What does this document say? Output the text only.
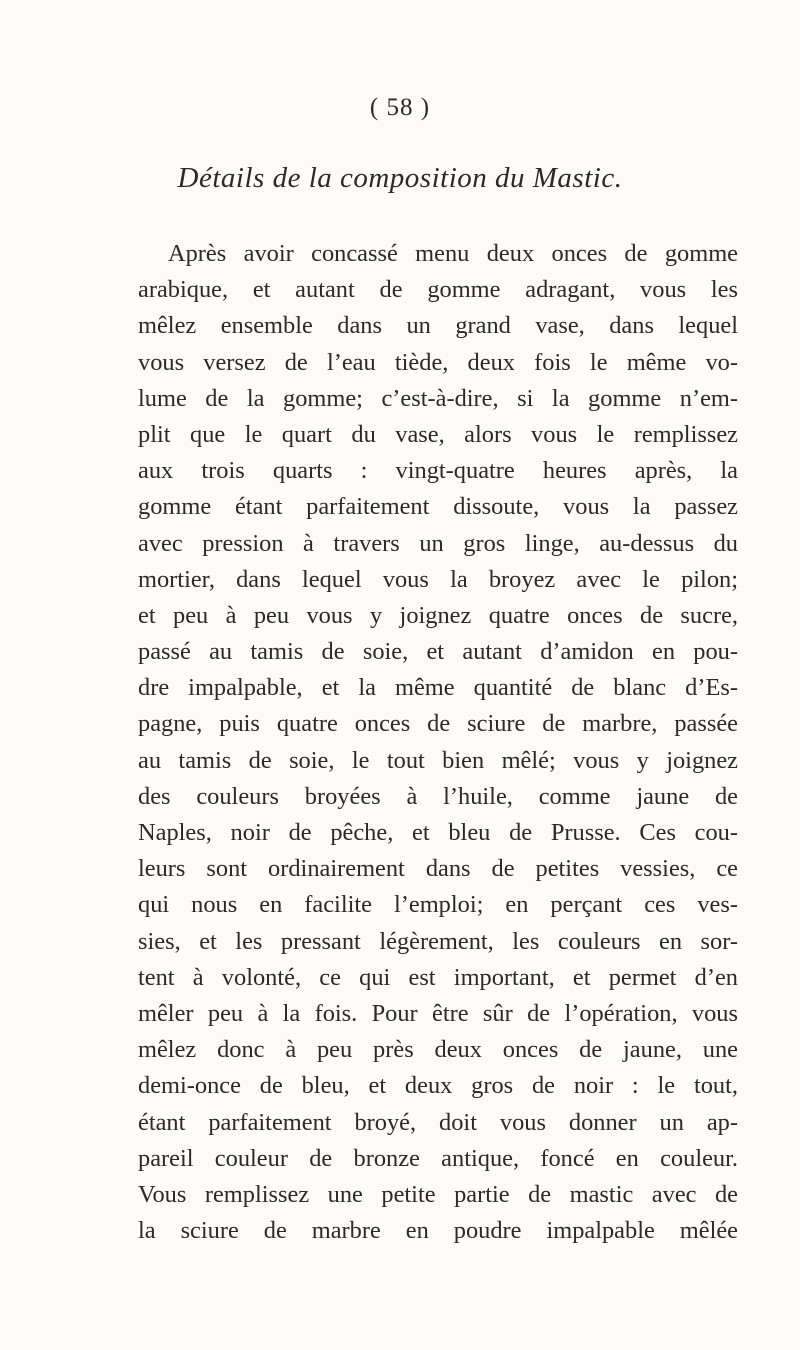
( 58 )
Détails de la composition du Mastic.
Après avoir concassé menu deux onces de gomme
arabique, et autant de gomme adragant, vous les
mêlez ensemble dans un grand vase, dans lequel
vous versez de l’eau tiède, deux fois le même vo-
lume de la gomme; c’est-à-dire, si la gomme n’em-
plit que le quart du vase, alors vous le remplissez
aux trois quarts : vingt-quatre heures après, la
gomme étant parfaitement dissoute, vous la passez
avec pression à travers un gros linge, au-dessus du
mortier, dans lequel vous la broyez avec le pilon;
et peu à peu vous y joignez quatre onces de sucre,
passé au tamis de soie, et autant d’amidon en pou-
dre impalpable, et la même quantité de blanc d’Es-
pagne, puis quatre onces de sciure de marbre, passée
au tamis de soie, le tout bien mêlé; vous y joignez
des couleurs broyées à l’huile, comme jaune de
Naples, noir de pêche, et bleu de Prusse. Ces cou-
leurs sont ordinairement dans de petites vessies, ce
qui nous en facilite l’emploi; en perçant ces ves-
sies, et les pressant légèrement, les couleurs en sor-
tent à volonté, ce qui est important, et permet d’en
mêler peu à la fois. Pour être sûr de l’opération, vous
mêlez donc à peu près deux onces de jaune, une
demi-once de bleu, et deux gros de noir : le tout,
étant parfaitement broyé, doit vous donner un ap-
pareil couleur de bronze antique, foncé en couleur.
Vous remplissez une petite partie de mastic avec de
la sciure de marbre en poudre impalpable mêlée
